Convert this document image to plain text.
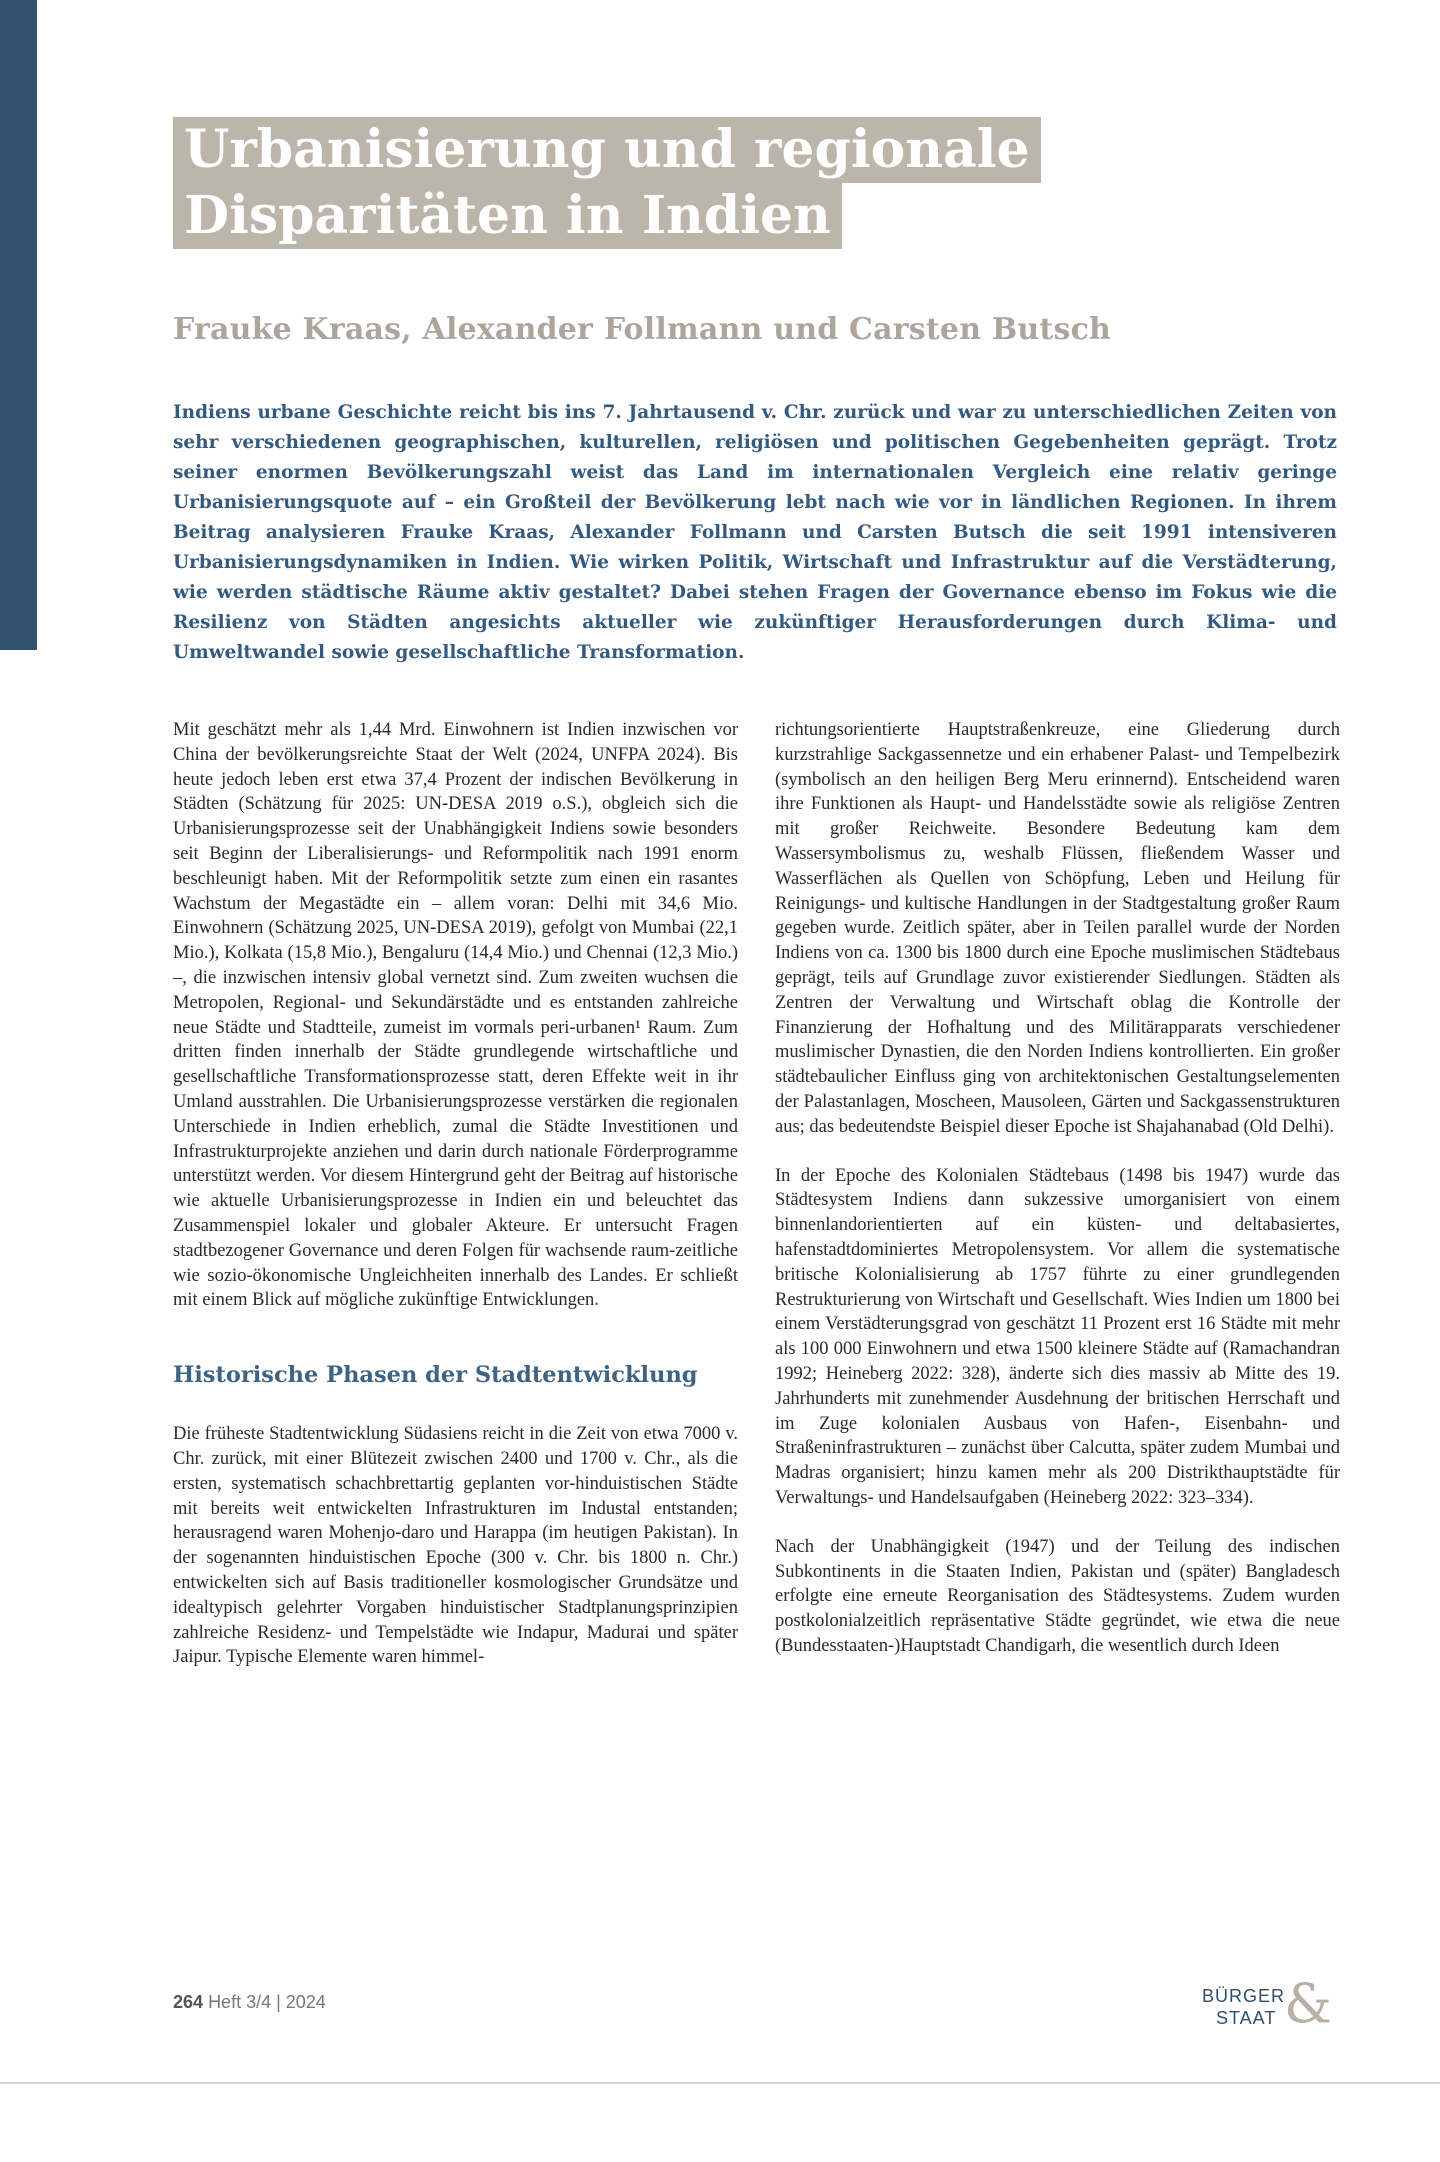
Urbanisierung und regionale
Disparitäten in Indien
Frauke Kraas, Alexander Follmann und Carsten Butsch

Indiens urbane Geschichte reicht bis ins 7. Jahrtausend v. Chr. zurück und war zu unterschiedlichen Zeiten von sehr verschiedenen geographischen, kulturellen, religiösen und politischen Gegebenheiten geprägt. Trotz seiner enormen Bevölkerungszahl weist das Land im internationalen Vergleich eine relativ geringe Urbanisierungsquote auf – ein Großteil der Bevölkerung lebt nach wie vor in ländlichen Regionen. In ihrem Beitrag analysieren Frauke Kraas, Alexander Follmann und Carsten Butsch die seit 1991 intensiveren Urbanisierungsdynamiken in Indien. Wie wirken Politik, Wirtschaft und Infrastruktur auf die Verstädterung, wie werden städtische Räume aktiv gestaltet? Dabei stehen Fragen der Governance ebenso im Fokus wie die Resilienz von Städten angesichts aktueller wie zukünftiger Herausforderungen durch Klima- und Umweltwandel sowie gesellschaftliche Transformation.

Mit geschätzt mehr als 1,44 Mrd. Einwohnern ist Indien inzwischen vor China der bevölkerungsreichte Staat der Welt (2024, UNFPA 2024). Bis heute jedoch leben erst etwa 37,4 Prozent der indischen Bevölkerung in Städten (Schätzung für 2025: UN-DESA 2019 o.S.), obgleich sich die Urbanisierungsprozesse seit der Unabhängigkeit Indiens sowie besonders seit Beginn der Liberalisierungs- und Reformpolitik nach 1991 enorm beschleunigt haben. Mit der Reformpolitik setzte zum einen ein rasantes Wachstum der Megastädte ein – allem voran: Delhi mit 34,6 Mio. Einwohnern (Schätzung 2025, UN-DESA 2019), gefolgt von Mumbai (22,1 Mio.), Kolkata (15,8 Mio.), Bengaluru (14,4 Mio.) und Chennai (12,3 Mio.) –, die inzwischen intensiv global vernetzt sind. Zum zweiten wuchsen die Metropolen, Regional- und Sekundärstädte und es entstanden zahlreiche neue Städte und Stadtteile, zumeist im vormals peri-urbanen¹ Raum. Zum dritten finden innerhalb der Städte grundlegende wirtschaftliche und gesellschaftliche Transformationsprozesse statt, deren Effekte weit in ihr Umland ausstrahlen. Die Urbanisierungsprozesse verstärken die regionalen Unterschiede in Indien erheblich, zumal die Städte Investitionen und Infrastrukturprojekte anziehen und darin durch nationale Förderprogramme unterstützt werden. Vor diesem Hintergrund geht der Beitrag auf historische wie aktuelle Urbanisierungsprozesse in Indien ein und beleuchtet das Zusammenspiel lokaler und globaler Akteure. Er untersucht Fragen stadtbezogener Governance und deren Folgen für wachsende raum-zeitliche wie sozio-ökonomische Ungleichheiten innerhalb des Landes. Er schließt mit einem Blick auf mögliche zukünftige Entwicklungen.

Historische Phasen der Stadtentwicklung

Die früheste Stadtentwicklung Südasiens reicht in die Zeit von etwa 7000 v. Chr. zurück, mit einer Blütezeit zwischen 2400 und 1700 v. Chr., als die ersten, systematisch schachbrettartig geplanten vor-hinduistischen Städte mit bereits weit entwickelten Infrastrukturen im Industal entstanden; herausragend waren Mohenjo-daro und Harappa (im heutigen Pakistan). In der sogenannten hinduistischen Epoche (300 v. Chr. bis 1800 n. Chr.) entwickelten sich auf Basis traditioneller kosmologischer Grundsätze und idealtypisch gelehrter Vorgaben hinduistischer Stadtplanungsprinzipien zahlreiche Residenz- und Tempelstädte wie Indapur, Madurai und später Jaipur. Typische Elemente waren himmel-

richtungsorientierte Hauptstraßenkreuze, eine Gliederung durch kurzstrahlige Sackgassennetze und ein erhabener Palast- und Tempelbezirk (symbolisch an den heiligen Berg Meru erinnernd). Entscheidend waren ihre Funktionen als Haupt- und Handelsstädte sowie als religiöse Zentren mit großer Reichweite. Besondere Bedeutung kam dem Wassersymbolismus zu, weshalb Flüssen, fließendem Wasser und Wasserflächen als Quellen von Schöpfung, Leben und Heilung für Reinigungs- und kultische Handlungen in der Stadtgestaltung großer Raum gegeben wurde. Zeitlich später, aber in Teilen parallel wurde der Norden Indiens von ca. 1300 bis 1800 durch eine Epoche muslimischen Städtebaus geprägt, teils auf Grundlage zuvor existierender Siedlungen. Städten als Zentren der Verwaltung und Wirtschaft oblag die Kontrolle der Finanzierung der Hofhaltung und des Militärapparats verschiedener muslimischer Dynastien, die den Norden Indiens kontrollierten. Ein großer städtebaulicher Einfluss ging von architektonischen Gestaltungselementen der Palastanlagen, Moscheen, Mausoleen, Gärten und Sackgassenstrukturen aus; das bedeutendste Beispiel dieser Epoche ist Shajahanabad (Old Delhi).

In der Epoche des Kolonialen Städtebaus (1498 bis 1947) wurde das Städtesystem Indiens dann sukzessive umorganisiert von einem binnenlandorientierten auf ein küsten- und deltabasiertes, hafenstadtdominiertes Metropolensystem. Vor allem die systematische britische Kolonialisierung ab 1757 führte zu einer grundlegenden Restrukturierung von Wirtschaft und Gesellschaft. Wies Indien um 1800 bei einem Verstädterungsgrad von geschätzt 11 Prozent erst 16 Städte mit mehr als 100 000 Einwohnern und etwa 1500 kleinere Städte auf (Ramachandran 1992; Heineberg 2022: 328), änderte sich dies massiv ab Mitte des 19. Jahrhunderts mit zunehmender Ausdehnung der britischen Herrschaft und im Zuge kolonialen Ausbaus von Hafen-, Eisenbahn- und Straßeninfrastrukturen – zunächst über Calcutta, später zudem Mumbai und Madras organisiert; hinzu kamen mehr als 200 Distrikthauptstädte für Verwaltungs- und Handelsaufgaben (Heineberg 2022: 323–334).

Nach der Unabhängigkeit (1947) und der Teilung des indischen Subkontinents in die Staaten Indien, Pakistan und (später) Bangladesch erfolgte eine erneute Reorganisation des Städtesystems. Zudem wurden postkolonialzeitlich repräsentative Städte gegründet, wie etwa die neue (Bundesstaaten-)Hauptstadt Chandigarh, die wesentlich durch Ideen

264 Heft 3/4 | 2024	&
BÜRGER
STAAT
